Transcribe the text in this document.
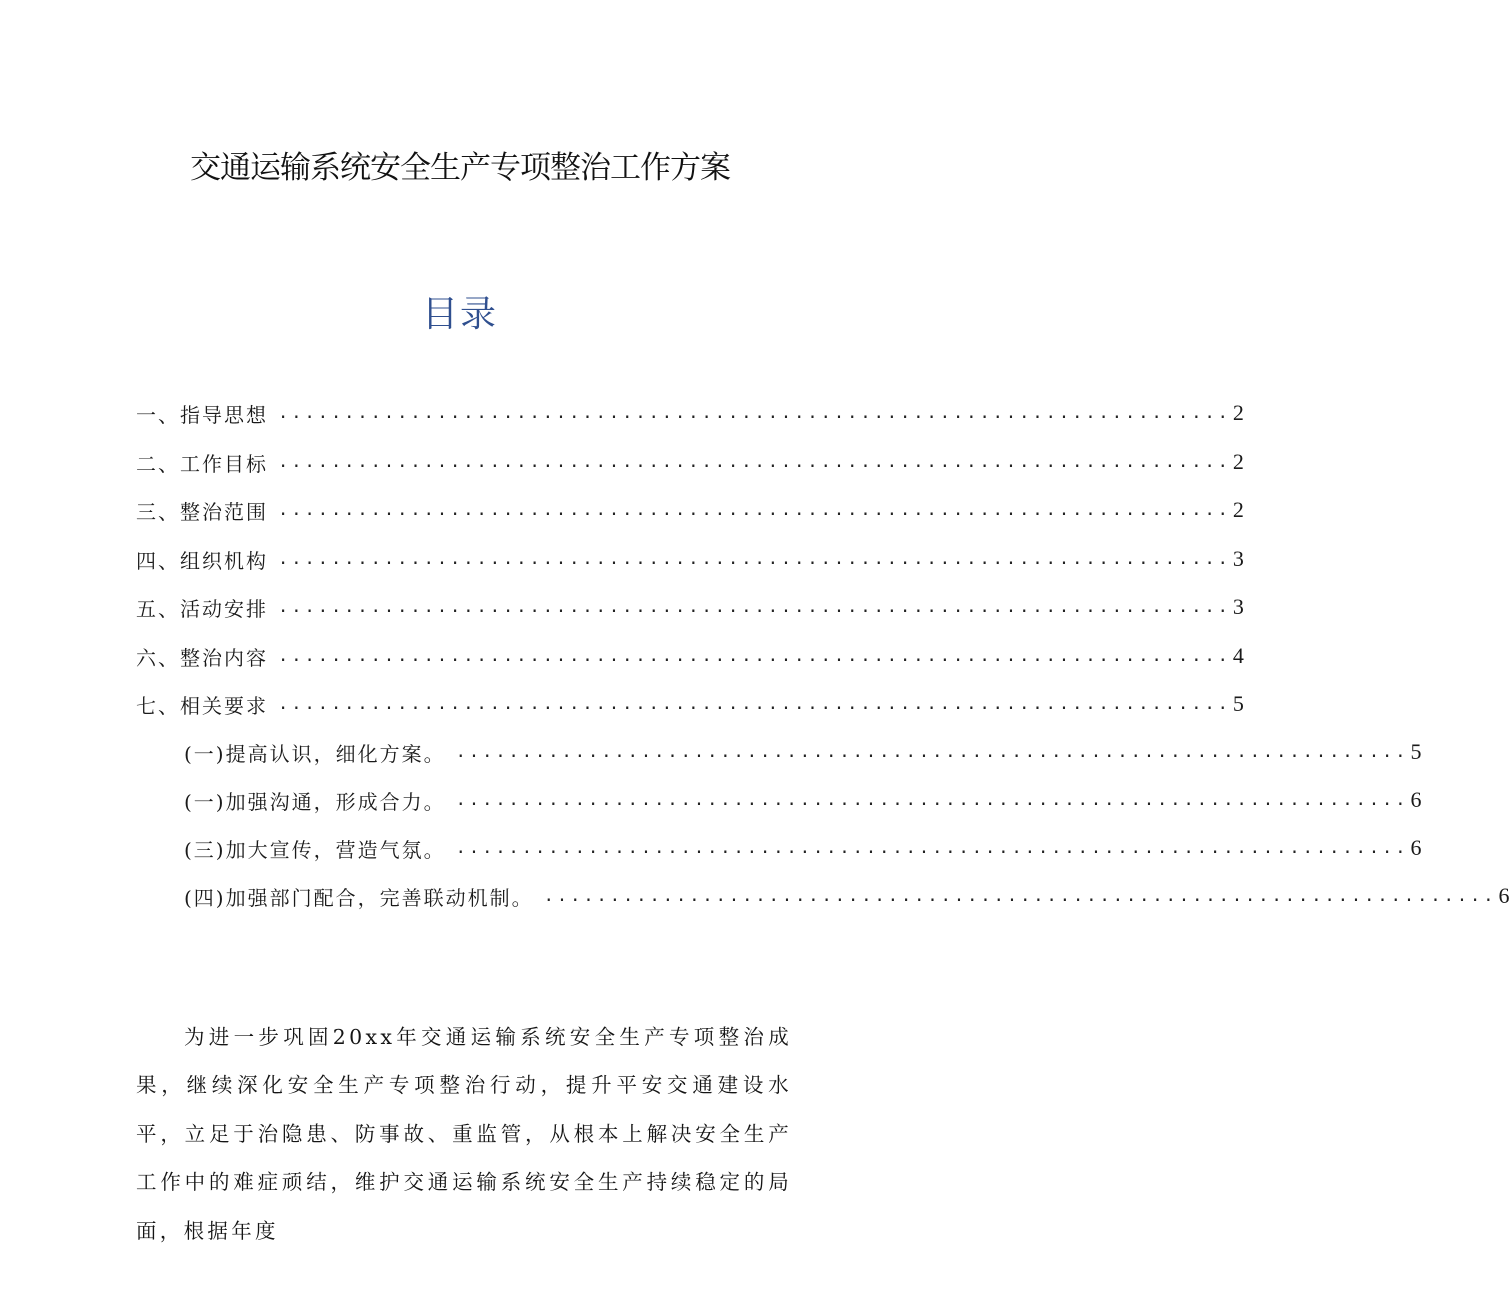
交通运输系统安全生产专项整治工作方案
目录
一、指导思想 ........................................................................ 2
二、工作目标 ........................................................................ 2
三、整治范围 ........................................................................ 2
四、组织机构 ........................................................................ 3
五、活动安排 ........................................................................ 3
六、整治内容 ........................................................................ 4
七、相关要求 ........................................................................ 5
(一)提高认识，细化方案。 ........................................................................ 5
(一)加强沟通，形成合力。 ........................................................................ 6
(三)加大宣传，营造气氛。 ........................................................................ 6
(四)加强部门配合，完善联动机制。 ........................................................................ 6

为进一步巩固20xx年交通运输系统安全生产专项整治成果，继续深化安全生产专项整治行动，提升平安交通建设水平，立足于治隐患、防事故、重监管，从根本上解决安全生产工作中的难症顽结，维护交通运输系统安全生产持续稳定的局面，根据年度
